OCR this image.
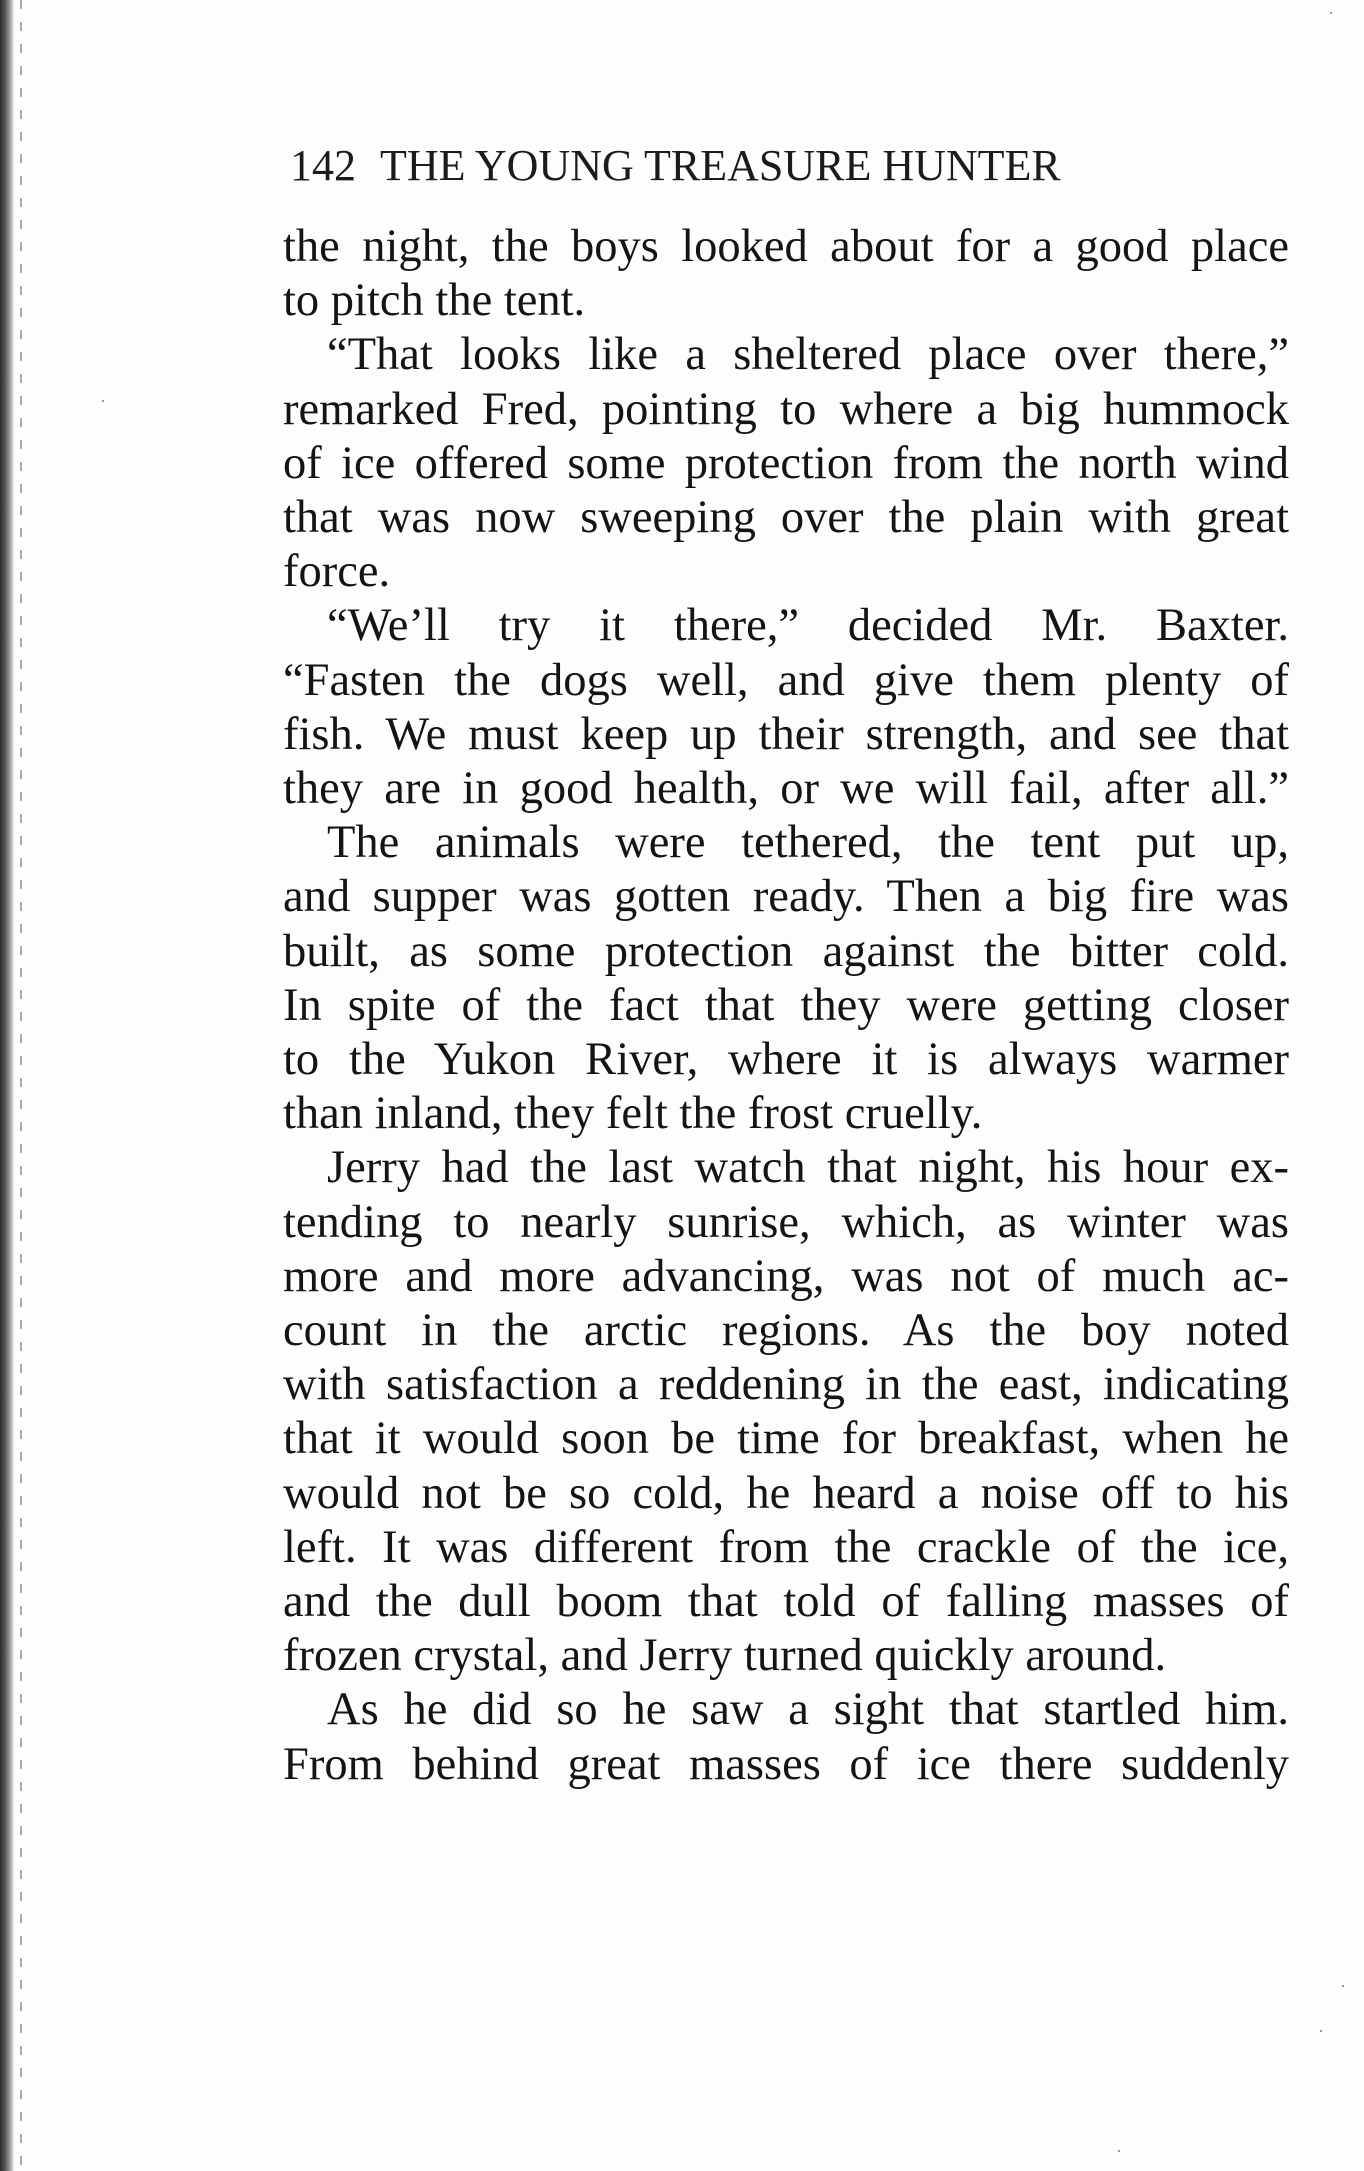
142 THE YOUNG TREASURE HUNTER
the night, the boys looked about for a good place
to pitch the tent.
“That looks like a sheltered place over there,”
remarked Fred, pointing to where a big hummock
of ice offered some protection from the north wind
that was now sweeping over the plain with great
force.
“We’ll try it there,” decided Mr. Baxter.
“Fasten the dogs well, and give them plenty of
fish. We must keep up their strength, and see that
they are in good health, or we will fail, after all.”
The animals were tethered, the tent put up,
and supper was gotten ready. Then a big fire was
built, as some protection against the bitter cold.
In spite of the fact that they were getting closer
to the Yukon River, where it is always warmer
than inland, they felt the frost cruelly.
Jerry had the last watch that night, his hour ex-
tending to nearly sunrise, which, as winter was
more and more advancing, was not of much ac-
count in the arctic regions. As the boy noted
with satisfaction a reddening in the east, indicating
that it would soon be time for breakfast, when he
would not be so cold, he heard a noise off to his
left. It was different from the crackle of the ice,
and the dull boom that told of falling masses of
frozen crystal, and Jerry turned quickly around.
As he did so he saw a sight that startled him.
From behind great masses of ice there suddenly
